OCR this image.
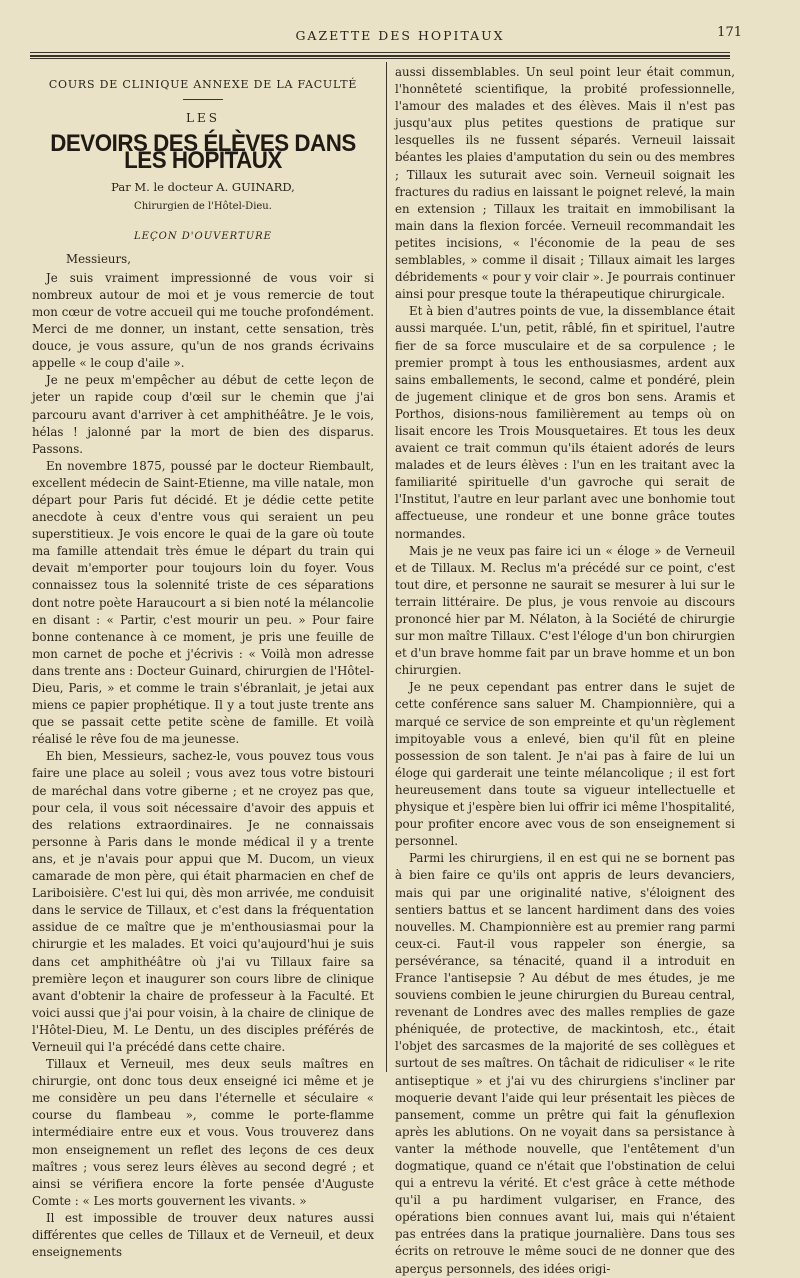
GAZETTE DES HOPITAUX	171
COURS DE CLINIQUE ANNEXE DE LA FACULTÉ
LES
DEVOIRS DES ÉLÈVES DANS LES HOPITAUX
Par M. le docteur A. GUINARD,
Chirurgien de l'Hôtel-Dieu.
LEÇON D'OUVERTURE
Messieurs,

Je suis vraiment impressionné de vous voir si nombreux autour de moi et je vous remercie de tout mon cœur de votre accueil qui me touche profondément. Merci de me donner, un instant, cette sensation, très douce, je vous assure, qu'un de nos grands écrivains appelle « le coup d'aile ».

Je ne peux m'empêcher au début de cette leçon de jeter un rapide coup d'œil sur le chemin que j'ai parcouru avant d'arriver à cet amphithéâtre. Je le vois, hélas ! jalonné par la mort de bien des disparus. Passons.

En novembre 1875, poussé par le docteur Riembault, excellent médecin de Saint-Etienne, ma ville natale, mon départ pour Paris fut décidé. Et je dédie cette petite anecdote à ceux d'entre vous qui seraient un peu superstitieux. Je vois encore le quai de la gare où toute ma famille attendait très émue le départ du train qui devait m'emporter pour toujours loin du foyer. Vous connaissez tous la solennité triste de ces séparations dont notre poète Haraucourt a si bien noté la mélancolie en disant : « Partir, c'est mourir un peu. » Pour faire bonne contenance à ce moment, je pris une feuille de mon carnet de poche et j'écrivis : « Voilà mon adresse dans trente ans : Docteur Guinard, chirurgien de l'Hôtel-Dieu, Paris, » et comme le train s'ébranlait, je jetai aux miens ce papier prophétique. Il y a tout juste trente ans que se passait cette petite scène de famille. Et voilà réalisé le rêve fou de ma jeunesse.

Eh bien, Messieurs, sachez-le, vous pouvez tous vous faire une place au soleil ; vous avez tous votre bistouri de maréchal dans votre giberne ; et ne croyez pas que, pour cela, il vous soit nécessaire d'avoir des appuis et des relations extraordinaires. Je ne connaissais personne à Paris dans le monde médical il y a trente ans, et je n'avais pour appui que M. Ducom, un vieux camarade de mon père, qui était pharmacien en chef de Lariboisière. C'est lui qui, dès mon arrivée, me conduisit dans le service de Tillaux, et c'est dans la fréquentation assidue de ce maître que je m'enthousiasmai pour la chirurgie et les malades. Et voici qu'aujourd'hui je suis dans cet amphithéâtre où j'ai vu Tillaux faire sa première leçon et inaugurer son cours libre de clinique avant d'obtenir la chaire de professeur à la Faculté. Et voici aussi que j'ai pour voisin, à la chaire de clinique de l'Hôtel-Dieu, M. Le Dentu, un des disciples préférés de Verneuil qui l'a précédé dans cette chaire.

Tillaux et Verneuil, mes deux seuls maîtres en chirurgie, ont donc tous deux enseigné ici même et je me considère un peu dans l'éternelle et séculaire « course du flambeau », comme le porte-flamme intermédiaire entre eux et vous. Vous trouverez dans mon enseignement un reflet des leçons de ces deux maîtres ; vous serez leurs élèves au second degré ; et ainsi se vérifiera encore la forte pensée d'Auguste Comte : « Les morts gouvernent les vivants. »

Il est impossible de trouver deux natures aussi différentes que celles de Tillaux et de Verneuil, et deux enseignements

aussi dissemblables. Un seul point leur était commun, l'honnêteté scientifique, la probité professionnelle, l'amour des malades et des élèves. Mais il n'est pas jusqu'aux plus petites questions de pratique sur lesquelles ils ne fussent séparés. Verneuil laissait béantes les plaies d'amputation du sein ou des membres ; Tillaux les suturait avec soin. Verneuil soignait les fractures du radius en laissant le poignet relevé, la main en extension ; Tillaux les traitait en immobilisant la main dans la flexion forcée. Verneuil recommandait les petites incisions, « l'économie de la peau de ses semblables, » comme il disait ; Tillaux aimait les larges débridements « pour y voir clair ». Je pourrais continuer ainsi pour presque toute la thérapeutique chirurgicale.

Et à bien d'autres points de vue, la dissemblance était aussi marquée. L'un, petit, râblé, fin et spirituel, l'autre fier de sa force musculaire et de sa corpulence ; le premier prompt à tous les enthousiasmes, ardent aux sains emballements, le second, calme et pondéré, plein de jugement clinique et de gros bon sens. Aramis et Porthos, disions-nous familièrement au temps où on lisait encore les Trois Mousquetaires. Et tous les deux avaient ce trait commun qu'ils étaient adorés de leurs malades et de leurs élèves : l'un en les traitant avec la familiarité spirituelle d'un gavroche qui serait de l'Institut, l'autre en leur parlant avec une bonhomie tout affectueuse, une rondeur et une bonne grâce toutes normandes.

Mais je ne veux pas faire ici un « éloge » de Verneuil et de Tillaux. M. Reclus m'a précédé sur ce point, c'est tout dire, et personne ne saurait se mesurer à lui sur le terrain littéraire. De plus, je vous renvoie au discours prononcé hier par M. Nélaton, à la Société de chirurgie sur mon maître Tillaux. C'est l'éloge d'un bon chirurgien et d'un brave homme fait par un brave homme et un bon chirurgien.

Je ne peux cependant pas entrer dans le sujet de cette conférence sans saluer M. Championnière, qui a marqué ce service de son empreinte et qu'un règlement impitoyable vous a enlevé, bien qu'il fût en pleine possession de son talent. Je n'ai pas à faire de lui un éloge qui garderait une teinte mélancolique ; il est fort heureusement dans toute sa vigueur intellectuelle et physique et j'espère bien lui offrir ici même l'hospitalité, pour profiter encore avec vous de son enseignement si personnel.

Parmi les chirurgiens, il en est qui ne se bornent pas à bien faire ce qu'ils ont appris de leurs devanciers, mais qui par une originalité native, s'éloignent des sentiers battus et se lancent hardiment dans des voies nouvelles. M. Championnière est au premier rang parmi ceux-ci. Faut-il vous rappeler son énergie, sa persévérance, sa ténacité, quand il a introduit en France l'antisepsie ? Au début de mes études, je me souviens combien le jeune chirurgien du Bureau central, revenant de Londres avec des malles remplies de gaze phéniquée, de protective, de mackintosh, etc., était l'objet des sarcasmes de la majorité de ses collègues et surtout de ses maîtres. On tâchait de ridiculiser « le rite antiseptique » et j'ai vu des chirurgiens s'incliner par moquerie devant l'aide qui leur présentait les pièces de pansement, comme un prêtre qui fait la génuflexion après les ablutions. On ne voyait dans sa persistance à vanter la méthode nouvelle, que l'entêtement d'un dogmatique, quand ce n'était que l'obstination de celui qui a entrevu la vérité. Et c'est grâce à cette méthode qu'il a pu hardiment vulgariser, en France, des opérations bien connues avant lui, mais qui n'étaient pas entrées dans la pratique journalière. Dans tous ses écrits on retrouve le même souci de ne donner que des aperçus personnels, des idées origi-
